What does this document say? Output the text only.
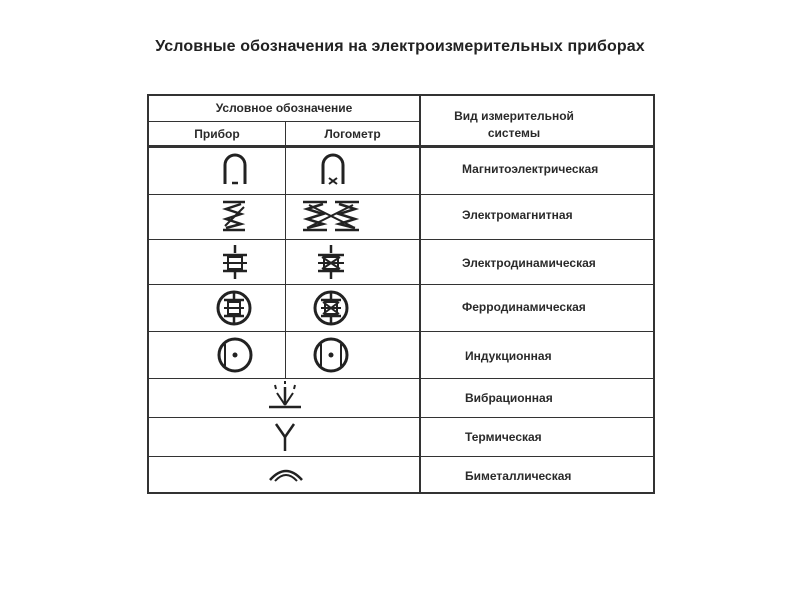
Условные обозначения на электроизмерительных приборах
Условное обозначение
Прибор	Логометр
Вид измерительной системы
Магнитоэлектрическая
Электромагнитная
Электродинамическая
Ферродинамическая
Индукционная
Вибрационная
Термическая
Биметаллическая
